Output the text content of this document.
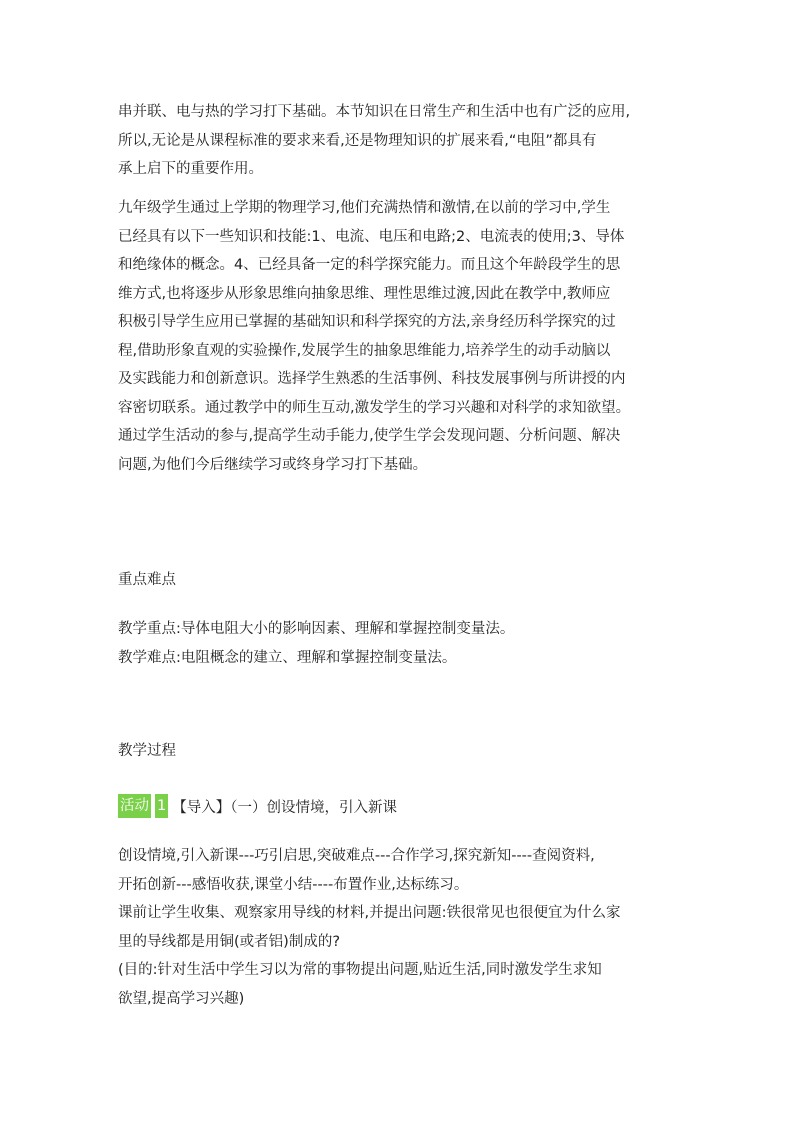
串并联、电与热的学习打下基础。本节知识在日常生产和生活中也有广泛的应用,
所以,无论是从课程标准的要求来看,还是物理知识的扩展来看,“电阻”都具有
承上启下的重要作用。
九年级学生通过上学期的物理学习,他们充满热情和激情,在以前的学习中,学生
已经具有以下一些知识和技能:1、电流、电压和电路;2、电流表的使用;3、导体
和绝缘体的概念。4、已经具备一定的科学探究能力。而且这个年龄段学生的思
维方式,也将逐步从形象思维向抽象思维、理性思维过渡,因此在教学中,教师应
积极引导学生应用已掌握的基础知识和科学探究的方法,亲身经历科学探究的过
程,借助形象直观的实验操作,发展学生的抽象思维能力,培养学生的动手动脑以
及实践能力和创新意识。选择学生熟悉的生活事例、科技发展事例与所讲授的内
容密切联系。通过教学中的师生互动,激发学生的学习兴趣和对科学的求知欲望。
通过学生活动的参与,提高学生动手能力,使学生学会发现问题、分析问题、解决
问题,为他们今后继续学习或终身学习打下基础。
重点难点
教学重点:导体电阻大小的影响因素、理解和掌握控制变量法。
教学难点:电阻概念的建立、理解和掌握控制变量法。
教学过程
活动 1 【导入】（一）创设情境，引入新课
创设情境,引入新课---巧引启思,突破难点---合作学习,探究新知----查阅资料,
开拓创新---感悟收获,课堂小结----布置作业,达标练习。
课前让学生收集、观察家用导线的材料,并提出问题:铁很常见也很便宜为什么家
里的导线都是用铜(或者铝)制成的?
(目的:针对生活中学生习以为常的事物提出问题,贴近生活,同时激发学生求知
欲望,提高学习兴趣)
